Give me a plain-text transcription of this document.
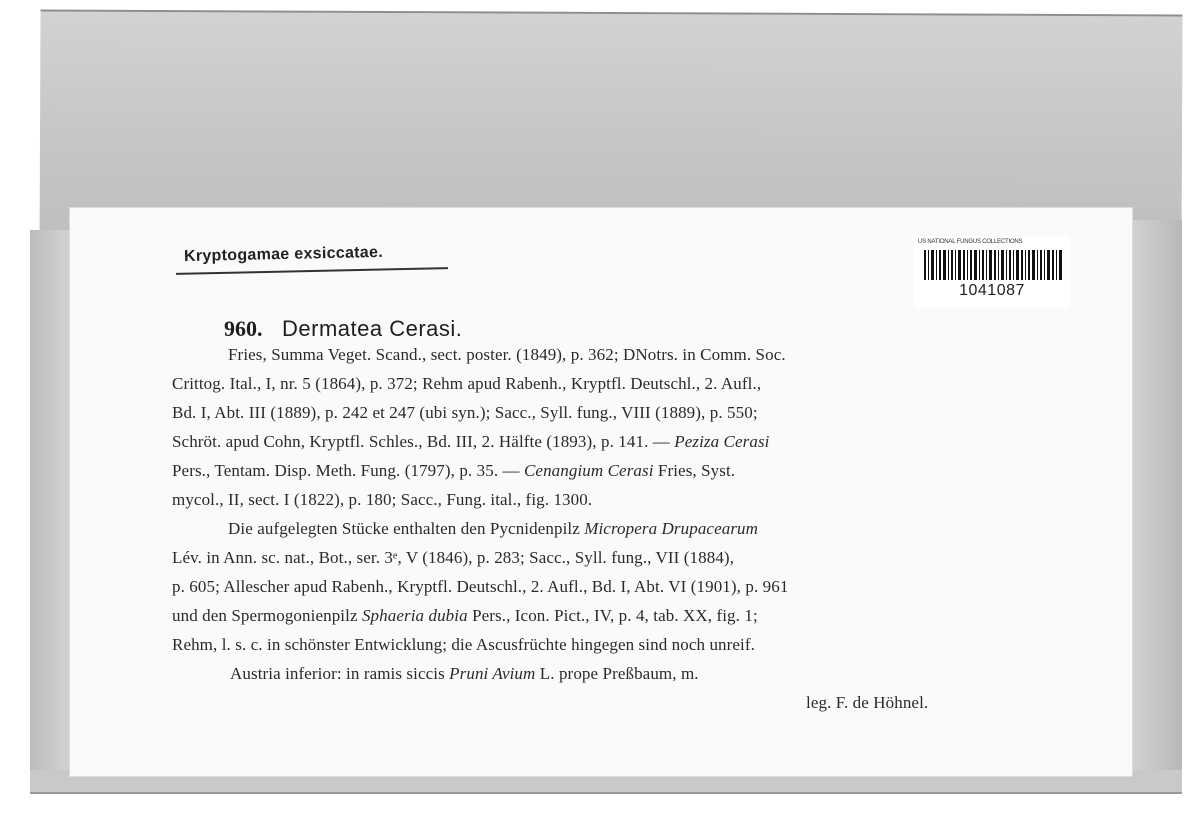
Kryptogamae exsiccatae.
US NATIONAL FUNGUS COLLECTIONS
1041087
960. Dermatea Cerasi.
Fries, Summa Veget. Scand., sect. poster. (1849), p. 362; DNotrs. in Comm. Soc.
Crittog. Ital., I, nr. 5 (1864), p. 372; Rehm apud Rabenh., Kryptfl. Deutschl., 2. Aufl.,
Bd. I, Abt. III (1889), p. 242 et 247 (ubi syn.); Sacc., Syll. fung., VIII (1889), p. 550;
Schröt. apud Cohn, Kryptfl. Schles., Bd. III, 2. Hälfte (1893), p. 141. — Peziza Cerasi
Pers., Tentam. Disp. Meth. Fung. (1797), p. 35. — Cenangium Cerasi Fries, Syst.
mycol., II, sect. I (1822), p. 180; Sacc., Fung. ital., fig. 1300.
Die aufgelegten Stücke enthalten den Pycnidenpilz Micropera Drupacearum
Lév. in Ann. sc. nat., Bot., ser. 3ᵉ, V (1846), p. 283; Sacc., Syll. fung., VII (1884),
p. 605; Allescher apud Rabenh., Kryptfl. Deutschl., 2. Aufl., Bd. I, Abt. VI (1901), p. 961
und den Spermogonienpilz Sphaeria dubia Pers., Icon. Pict., IV, p. 4, tab. XX, fig. 1;
Rehm, l. s. c. in schönster Entwicklung; die Ascusfrüchte hingegen sind noch unreif.
Austria inferior: in ramis siccis Pruni Avium L. prope Preßbaum, m.
leg. F. de Höhnel.
